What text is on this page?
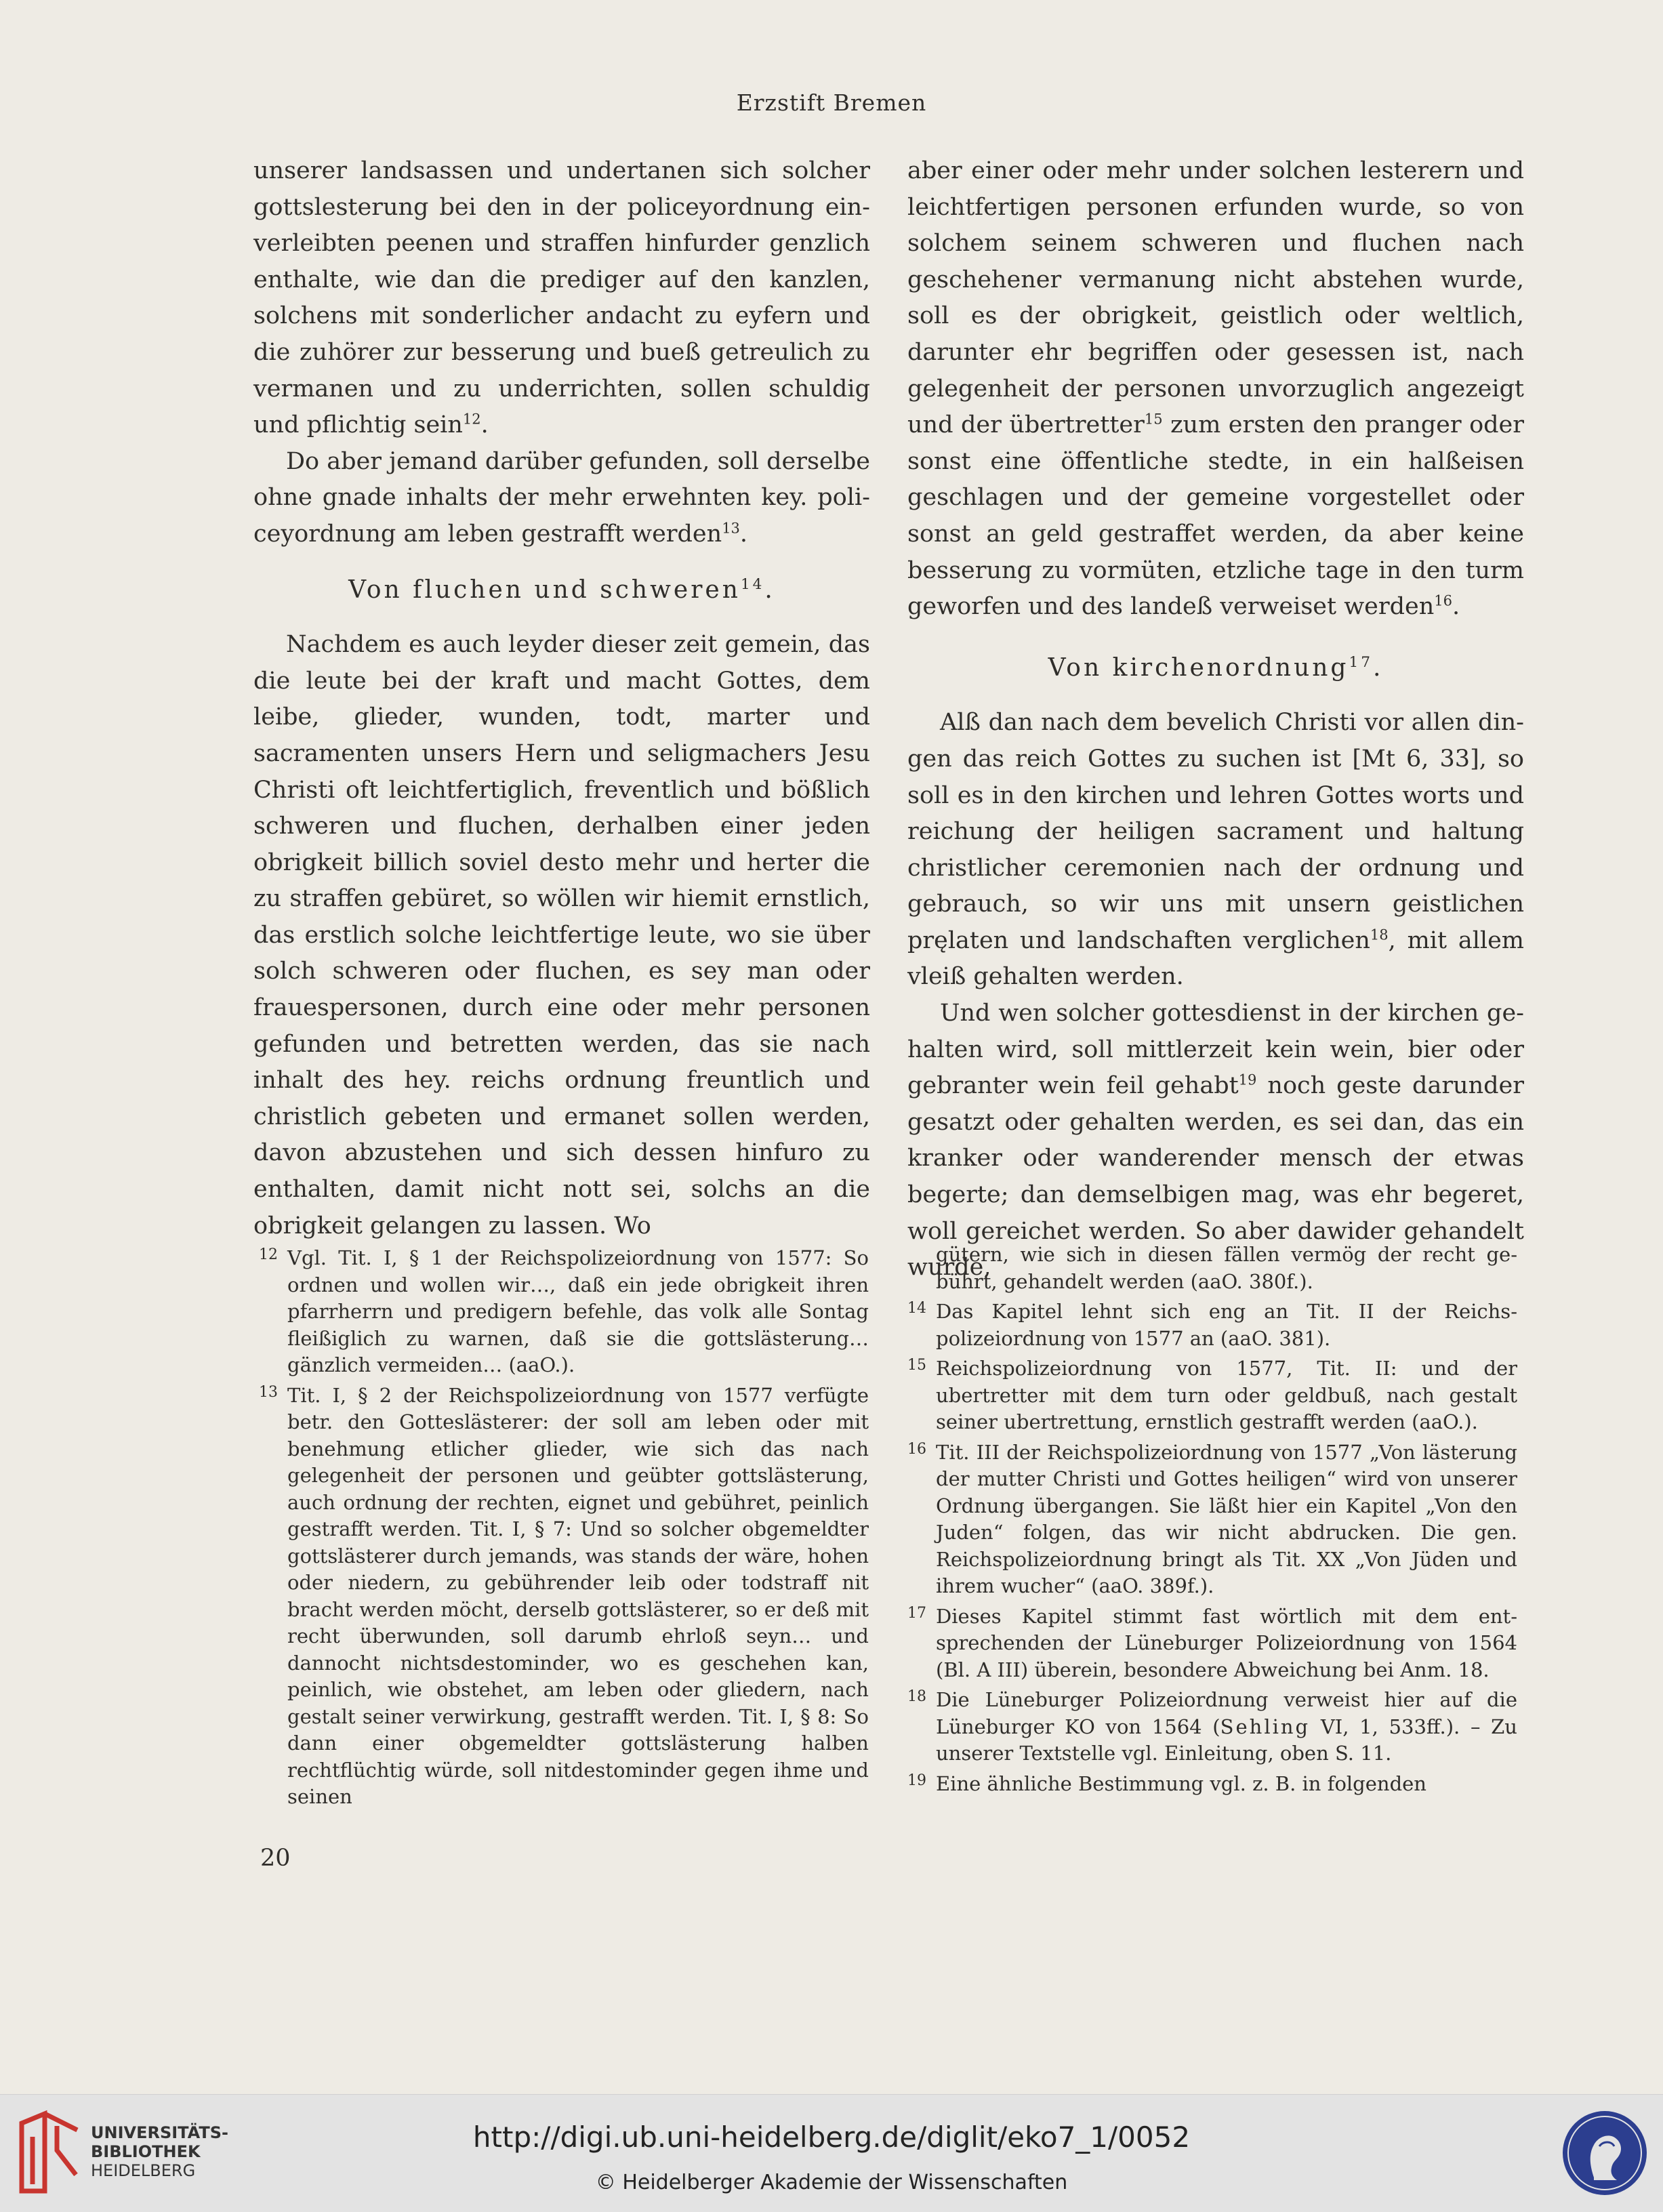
Erzstift Bremen

unserer landsassen und undertanen sich solcher gottslesterung bei den in der policeyordnung einverleibten peenen und straffen hinfurder genzlich enthalte, wie dan die prediger auf den kanzlen, solchens mit sonderlicher andacht zu eyfern und die zuhörer zur besserung und bueß getreulich zu vermanen und zu underrichten, sollen schuldig und pflichtig sein$^{12}$.

Do aber jemand darüber gefunden, soll derselbe ohne gnade inhalts der mehr erwehnten key. policeyordnung am leben gestrafft werden$^{13}$.

Von fluchen und schweren$^{14}$.

Nachdem es auch leyder dieser zeit gemein, das die leute bei der kraft und macht Gottes, dem leibe, glieder, wunden, todt, marter und sacramenten unsers Hern und seligmachers Jesu Christi oft leichtfertiglich, freventlich und bößlich schweren und fluchen, derhalben einer jeden obrigkeit billich soviel desto mehr und herter die zu straffen gebüret, so wöllen wir hiemit ernstlich, das erstlich solche leichtfertige leute, wo sie über solch schweren oder fluchen, es sey man oder frauespersonen, durch eine oder mehr personen gefunden und betretten werden, das sie nach inhalt des hey. reichs ordnung freuntlich und christlich gebeten und ermanet sollen werden, davon abzustehen und sich dessen hinfuro zu enthalten, damit nicht nott sei, solchs an die obrigkeit gelangen zu lassen. Wo

aber einer oder mehr under solchen lesterern und leichtfertigen personen erfunden wurde, so von solchem seinem schweren und fluchen nach geschehener vermanung nicht abstehen wurde, soll es der obrigkeit, geistlich oder weltlich, darunter ehr begriffen oder gesessen ist, nach gelegenheit der personen unvorzuglich angezeigt und der übertretter$^{15}$ zum ersten den pranger oder sonst eine öffentliche stedte, in ein halßeisen geschlagen und der gemeine vorgestellet oder sonst an geld gestraffet werden, da aber keine besserung zu vormüten, etzliche tage in den turm geworfen und des landeß verweiset werden$^{16}$.

Von kirchenordnung$^{17}$.

Alß dan nach dem bevelich Christi vor allen dingen das reich Gottes zu suchen ist [Mt 6, 33], so soll es in den kirchen und lehren Gottes worts und reichung der heiligen sacrament und haltung christlicher ceremonien nach der ordnung und gebrauch, so wir uns mit unsern geistlichen pręlaten und landschaften verglichen$^{18}$, mit allem vleiß gehalten werden.

Und wen solcher gottesdienst in der kirchen gehalten wird, soll mittlerzeit kein wein, bier oder gebranter wein feil gehabt$^{19}$ noch geste darunder gesatzt oder gehalten werden, es sei dan, das ein kranker oder wanderender mensch der etwas begerte; dan demselbigen mag, was ehr begeret, woll gereichet werden. So aber dawider gehandelt wurde,

12 Vgl. Tit. I, § 1 der Reichspolizeiordnung von 1577: So ordnen und wollen wir…, daß ein jede obrigkeit ihren pfarrherrn und predigern befehle, das volk alle Sontag fleißiglich zu warnen, daß sie die gottslästerung… gänzlich vermeiden… (aaO.).

13 Tit. I, § 2 der Reichspolizeiordnung von 1577 verfügte betr. den Gotteslästerer: der soll am leben oder mit benehmung etlicher glieder, wie sich das nach gelegenheit der personen und geübter gottslästerung, auch ordnung der rechten, eignet und gebühret, peinlich gestrafft werden. Tit. I, § 7: Und so solcher obgemeldter gottslästerer durch jemands, was stands der wäre, hohen oder niedern, zu gebührender leib oder todstraff nit bracht werden möcht, derselb gottslästerer, so er deß mit recht überwunden, soll darumb ehrloß seyn… und dannocht nichtsdestominder, wo es geschehen kan, peinlich, wie obstehet, am leben oder gliedern, nach gestalt seiner verwirkung, gestrafft werden. Tit. I, § 8: So dann einer obgemeldter gottslästerung halben rechtflüchtig würde, soll nitdestominder gegen ihme und seinen

gütern, wie sich in diesen fällen vermög der recht gebührt, gehandelt werden (aaO. 380f.).

14 Das Kapitel lehnt sich eng an Tit. II der Reichspolizeiordnung von 1577 an (aaO. 381).

15 Reichspolizeiordnung von 1577, Tit. II: und der ubertretter mit dem turn oder geldbuß, nach gestalt seiner ubertrettung, ernstlich gestrafft werden (aaO.).

16 Tit. III der Reichspolizeiordnung von 1577 „Von lästerung der mutter Christi und Gottes heiligen“ wird von unserer Ordnung übergangen. Sie läßt hier ein Kapitel „Von den Juden“ folgen, das wir nicht abdrucken. Die gen. Reichspolizeiordnung bringt als Tit. XX „Von Jüden und ihrem wucher“ (aaO. 389f.).

17 Dieses Kapitel stimmt fast wörtlich mit dem entsprechenden der Lüneburger Polizeiordnung von 1564 (Bl. A III) überein, besondere Abweichung bei Anm. 18.

18 Die Lüneburger Polizeiordnung verweist hier auf die Lüneburger KO von 1564 (Sehling VI, 1, 533ff.). – Zu unserer Textstelle vgl. Einleitung, oben S. 11.

19 Eine ähnliche Bestimmung vgl. z. B. in folgenden

20
UNIVERSITÄTS-
BIBLIOTHEK
HEIDELBERG
http://digi.ub.uni-heidelberg.de/diglit/eko7_1/0052
© Heidelberger Akademie der Wissenschaften
